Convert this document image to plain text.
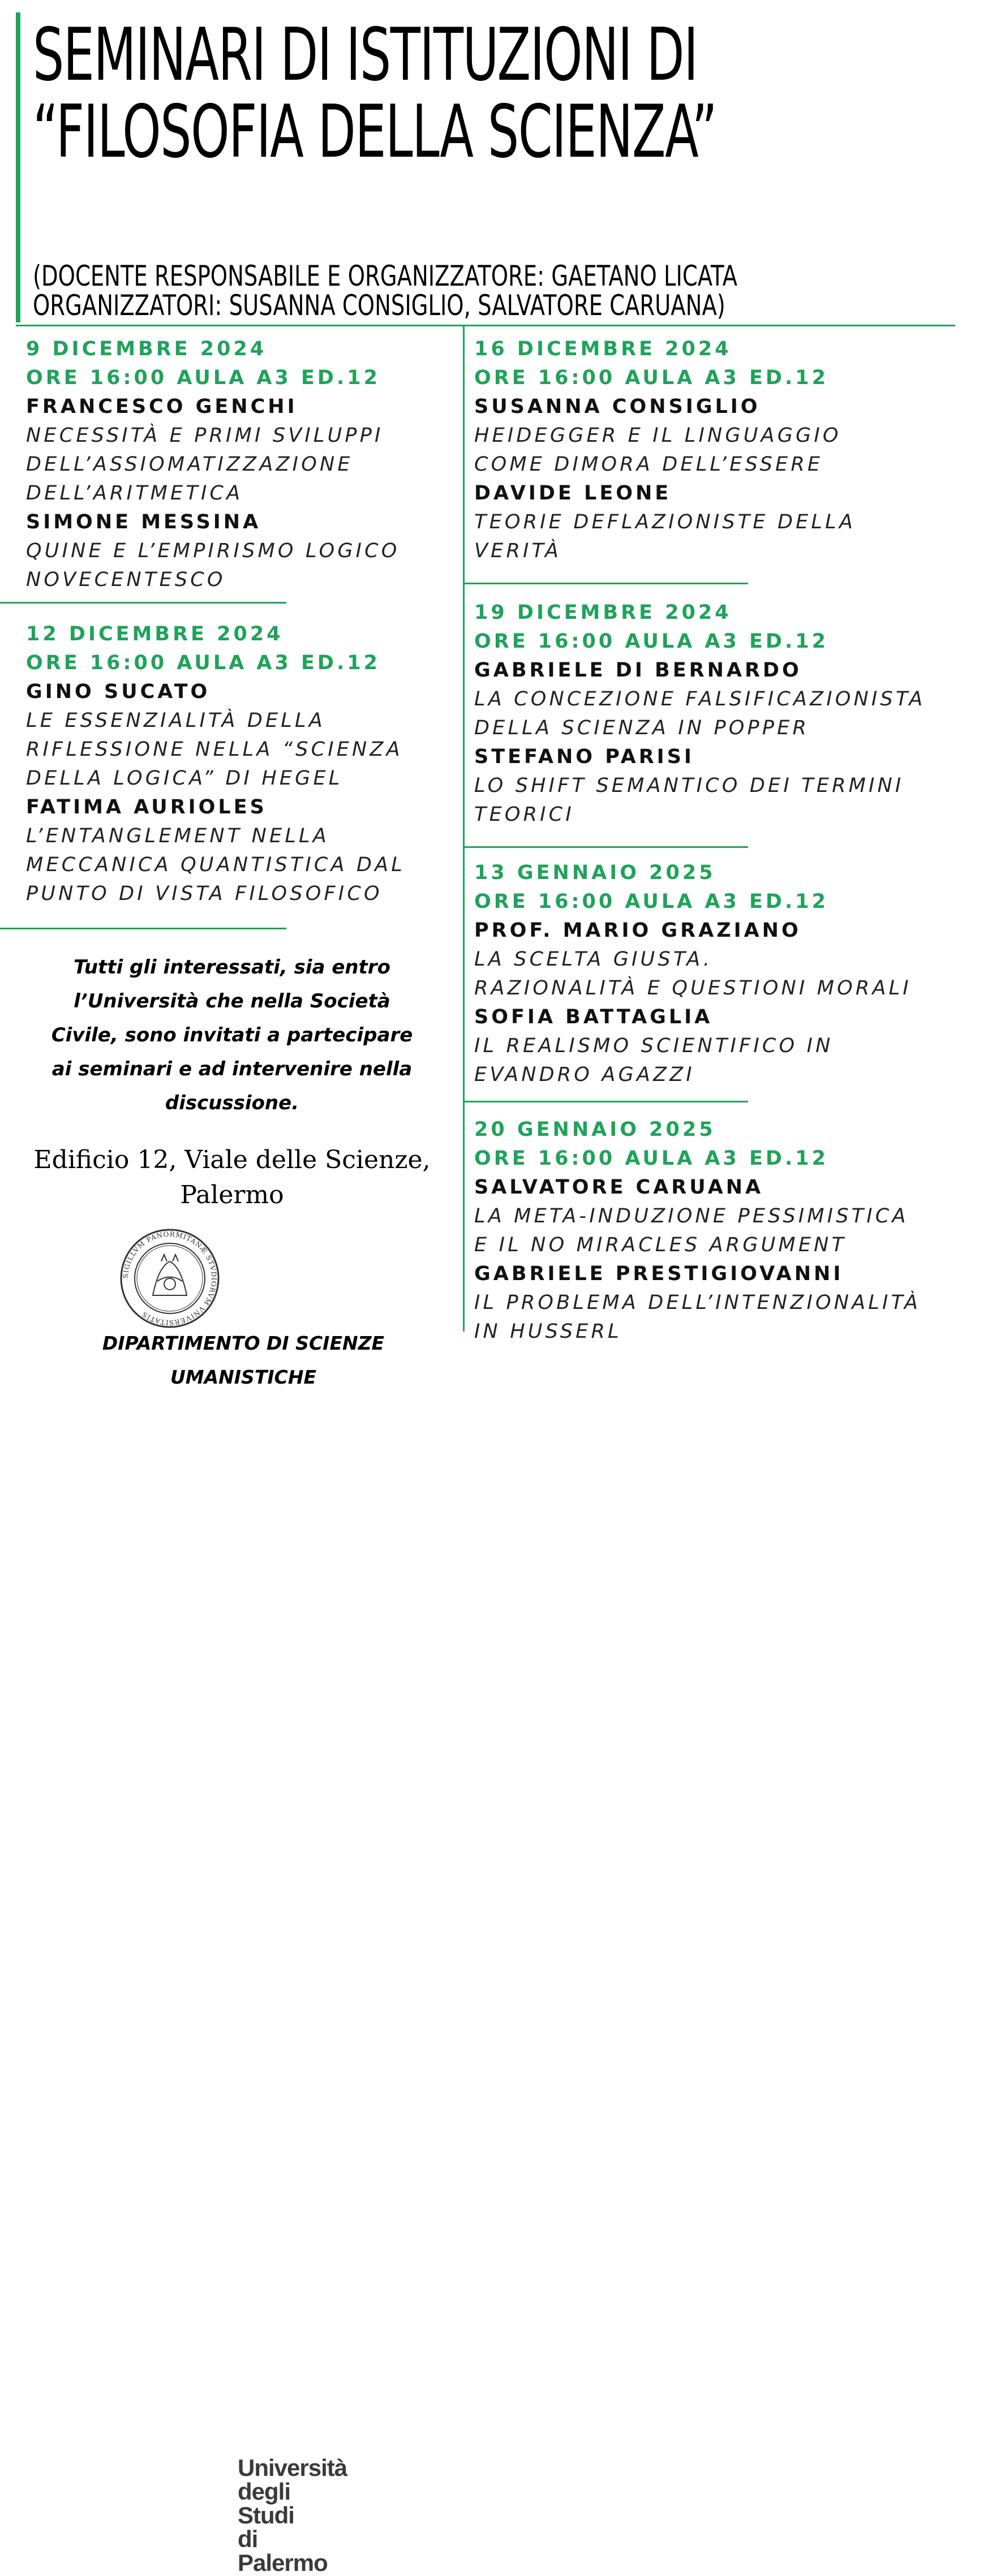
SEMINARI DI ISTITUZIONI DI
“FILOSOFIA DELLA SCIENZA”
(DOCENTE RESPONSABILE E ORGANIZZATORE: GAETANO LICATA
ORGANIZZATORI: SUSANNA CONSIGLIO, SALVATORE CARUANA)
9 DICEMBRE 2024
ORE 16:00 AULA A3 ED.12
FRANCESCO GENCHI
NECESSITÀ E PRIMI SVILUPPI
DELL’ASSIOMATIZZAZIONE
DELL’ARITMETICA
SIMONE MESSINA
QUINE E L’EMPIRISMO LOGICO
NOVECENTESCO
12 DICEMBRE 2024
ORE 16:00 AULA A3 ED.12
GINO SUCATO
LE ESSENZIALITÀ DELLA
RIFLESSIONE NELLA “SCIENZA
DELLA LOGICA” DI HEGEL
FATIMA AURIOLES
L’ENTANGLEMENT NELLA
MECCANICA QUANTISTICA DAL
PUNTO DI VISTA FILOSOFICO
16 DICEMBRE 2024
ORE 16:00 AULA A3 ED.12
SUSANNA CONSIGLIO
HEIDEGGER E IL LINGUAGGIO
COME DIMORA DELL’ESSERE
DAVIDE LEONE
TEORIE DEFLAZIONISTE DELLA
VERITÀ
19 DICEMBRE 2024
ORE 16:00 AULA A3 ED.12
GABRIELE DI BERNARDO
LA CONCEZIONE FALSIFICAZIONISTA
DELLA SCIENZA IN POPPER
STEFANO PARISI
LO SHIFT SEMANTICO DEI TERMINI
TEORICI
13 GENNAIO 2025
ORE 16:00 AULA A3 ED.12
PROF. MARIO GRAZIANO
LA SCELTA GIUSTA.
RAZIONALITÀ E QUESTIONI MORALI
SOFIA BATTAGLIA
IL REALISMO SCIENTIFICO IN
EVANDRO AGAZZI
20 GENNAIO 2025
ORE 16:00 AULA A3 ED.12
SALVATORE CARUANA
LA META-INDUZIONE PESSIMISTICA
E IL NO MIRACLES ARGUMENT
GABRIELE PRESTIGIOVANNI
IL PROBLEMA DELL’INTENZIONALITÀ
IN HUSSERL
Tutti gli interessati, sia entro
l’Università che nella Società
Civile, sono invitati a partecipare
ai seminari e ad intervenire nella
discussione.
Edificio 12, Viale delle Scienze,
Palermo
SIGILLVM PANORMITANÆ STVDIORVM VNIVERSITATIS
Università
degli Studi
di Palermo
DIPARTIMENTO DI SCIENZE
UMANISTICHE
